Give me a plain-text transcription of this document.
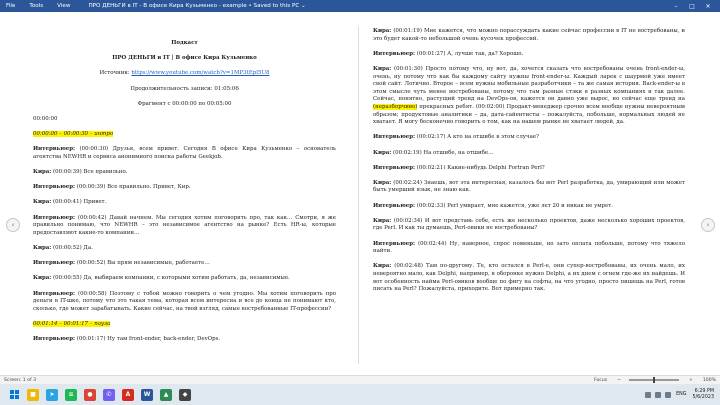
File	Tools	View	ПРО ДЕНЬГИ в IT - В офисе Кира Кузьменко - example • Saved to this PC ⌄	–	□	✕
‹	›
Подкаст
ПРО ДЕНЬГИ в IT | В офисе Кира Кузьменко
Источник: https://www.youtube.com/watch?v=1MP3tEpl5U8
Продолжительность записи: 01:05:06
Фрагмент с 00:00:00 по 00:05:00
00:00:00
00:00:00 – 00:00:30 – интро
Интервьюер: (00:00:30) Друзья, всем привет. Сегодня В офисе Кира Кузьменко – основатель агентства NEWHR и сервиса анонимного поиска работы Geekjob.
Кира: (00:00:39) Все правильно.
Интервьюер: (00:00:39) Все правильно. Привет, Кир.
Кира: (00:00:41) Привет.
Интервьюер: (00:00:42) Давай начнем. Мы сегодня хотим поговорить про, так как… Смотри, я же правильно понимаю, что NEWHR – это независимое агентство на рынке? Есть HR-ы, которые предоставляют какие-то компании…
Кира: (00:00:52) Да.
Интервьюер: (00:00:52) Вы прям независимые, работаете…
Кира: (00:00:55) Да, выбираем компании, с которыми хотим работать, да, независимые.
Интервьюер: (00:00:58) Поэтому с тобой можно говорить о чем угодно. Мы хотим поговорить про деньги в IT-шке, потому что это такая тема, которая всем интересна и все до конца не понимают кто, сколько, где может зарабатывать. Какие сейчас, на твой взгляд, самые востребованные IT-профессии?
00:01:14 – 00:01:17 – пауза
Интервьюер: (00:01:17) Ну там front-ender, back-ender, DevOps.
Кира: (00:01:19) Мне кажется, что можно порассуждать какие сейчас профессии в IT не востребованы, и это будет какой-то небольшой очень кусочек профессий.
Интервьюер: (00:01:27) А, лучше так, да? Хорошо.
Кира: (00:01:30) Просто потому что, ну вот, да, хочется сказать что востребованы очень front-ender-ы, очень, ну потому что как бы каждому сайту нужны front-ender-ы. Каждый ларек с шаурмой уже имеет свой сайт. Логично. Второе – всем нужны мобильные разработчики – та же самая история. Back-ender-ы в этом смысле чуть менее востребованы, потому что там разные стэки в разных компаниях и так далее. Сейчас, понятно, растущий тренд на DevOps-ов, кажется он давно уже вырос, но сейчас еще тренд на (неразборчиво) прекрасных ребят. (00:02:00) Продакт-менеджер срочно всем вообще нужны невероятным образом; продуктовые аналитики – да, дата-сайентисты – пожалуйста, побольше, нормальных людей не хватает. Я могу бесконечно говорить о том, как на нашем рынке не хватает людей, да.
Интервьюер: (00:02:17) А кто на отшибе в этом случае?
Кира: (00:02:19) На отшибе, на отшибе…
Интервьюер: (00:02:21) Какие-нибудь Delphi Fortran Perl?
Кира: (00:02:24) Знаешь, вот эта интересная, казалось бы вот Perl разработка, да, умирающий или может быть умерший язык, не знаю как.
Интервьюер: (00:02:33) Perl умирает, мне кажется, уже лет 20 и никак не умрет.
Кира: (00:02:34) И вот представь себе, есть же несколько проектов, даже несколько хороших проектов, где Perl. И как ты думаешь, Perl-овики не востребованы?
Интервьюер: (00:02:44) Ну, наверное, спрос поменьше, но зато оплата побольше, потому что тяжело найти.
Кира: (00:02:48) Там по-другому. Те, кто остался в Perl-е, они супер-востребованы, их очень мало, их невероятно мало, как Delphi, например, в оборонке нужно Delphi, а их днем с огнем где-же их найдешь. И вот особенность найма Perl-овиков вообще по фигу на софты, на что угодно, просто пишешь на Perl, готов писать на Perl? Пожалуйста, приходите. Вот примерно так.
Screen: 1 of 3	Focus −	+ 100%
■	➤	≡	●	✆	A	W	▲	◆	ENG
6:29 PM
5/6/2023
